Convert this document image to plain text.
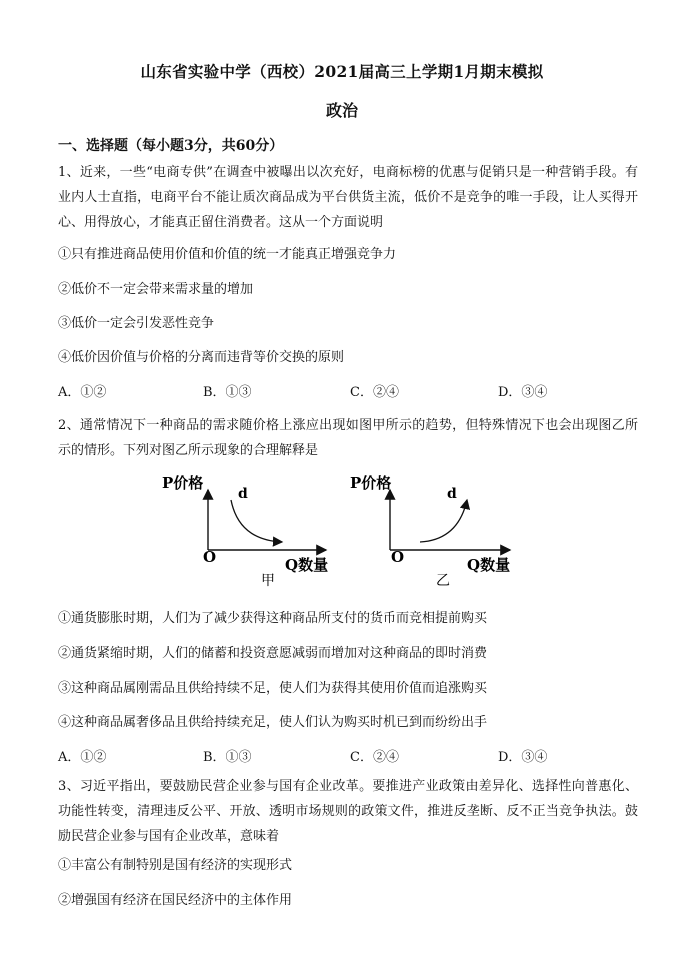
山东省实验中学（西校）2021届高三上学期1月期末模拟
政治
一、选择题（每小题3分，共60分）
1、近来，一些“电商专供”在调查中被曝出以次充好，电商标榜的优惠与促销只是一种营销手段。有业内人士直指，电商平台不能让质次商品成为平台供货主流，低价不是竞争的唯一手段，让人买得开心、用得放心，才能真正留住消费者。这从一个方面说明
①只有推进商品使用价值和价值的统一才能真正增强竞争力
②低价不一定会带来需求量的增加
③低价一定会引发恶性竞争
④低价因价值与价格的分离而违背等价交换的原则
A．①②	B．①③	C．②④	D．③④
2、通常情况下一种商品的需求随价格上涨应出现如图甲所示的趋势，但特殊情况下也会出现图乙所示的情形。下列对图乙所示现象的合理解释是
P价格
Q数量
O
d
甲
P价格
Q数量
O
d
乙
①通货膨胀时期，人们为了减少获得这种商品所支付的货币而竞相提前购买
②通货紧缩时期，人们的储蓄和投资意愿减弱而增加对这种商品的即时消费
③这种商品属刚需品且供给持续不足，使人们为获得其使用价值而追涨购买
④这种商品属奢侈品且供给持续充足，使人们认为购买时机已到而纷纷出手
A．①②	B．①③	C．②④	D．③④
3、习近平指出，要鼓励民营企业参与国有企业改革。要推进产业政策由差异化、选择性向普惠化、功能性转变，清理违反公平、开放、透明市场规则的政策文件，推进反垄断、反不正当竞争执法。鼓励民营企业参与国有企业改革，意味着
①丰富公有制特别是国有经济的实现形式
②增强国有经济在国民经济中的主体作用
